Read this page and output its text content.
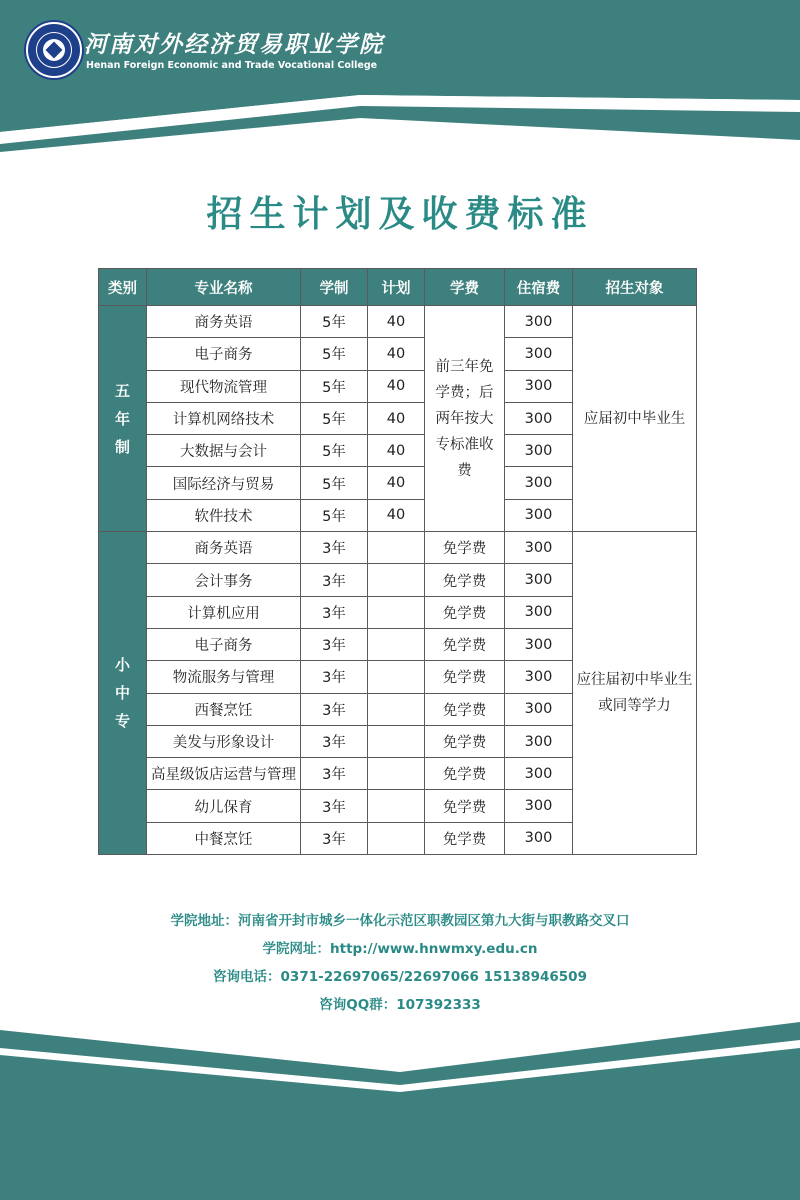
河南对外经济贸易职业学院
Henan Foreign Economic and Trade Vocational College
招生计划及收费标准
类别	专业名称	学制	计划	学费	住宿费	招生对象
五年制	商务英语	5年	40	前三年免学费；后两年按大专标准收费	300	应届初中毕业生
	电子商务	5年	40		300	
	现代物流管理	5年	40		300	
	计算机网络技术	5年	40		300	
	大数据与会计	5年	40		300	
	国际经济与贸易	5年	40		300	
	软件技术	5年	40		300	
小中专	商务英语	3年		免学费	300	应往届初中毕业生或同等学力
	会计事务	3年		免学费	300	
	计算机应用	3年		免学费	300	
	电子商务	3年		免学费	300	
	物流服务与管理	3年		免学费	300	
	西餐烹饪	3年		免学费	300	
	美发与形象设计	3年		免学费	300	
	高星级饭店运营与管理	3年		免学费	300	
	幼儿保育	3年		免学费	300	
	中餐烹饪	3年		免学费	300	
学院地址：河南省开封市城乡一体化示范区职教园区第九大街与职教路交叉口
学院网址：http://www.hnwmxy.edu.cn
咨询电话：0371-22697065/22697066 15138946509
咨询QQ群：107392333
